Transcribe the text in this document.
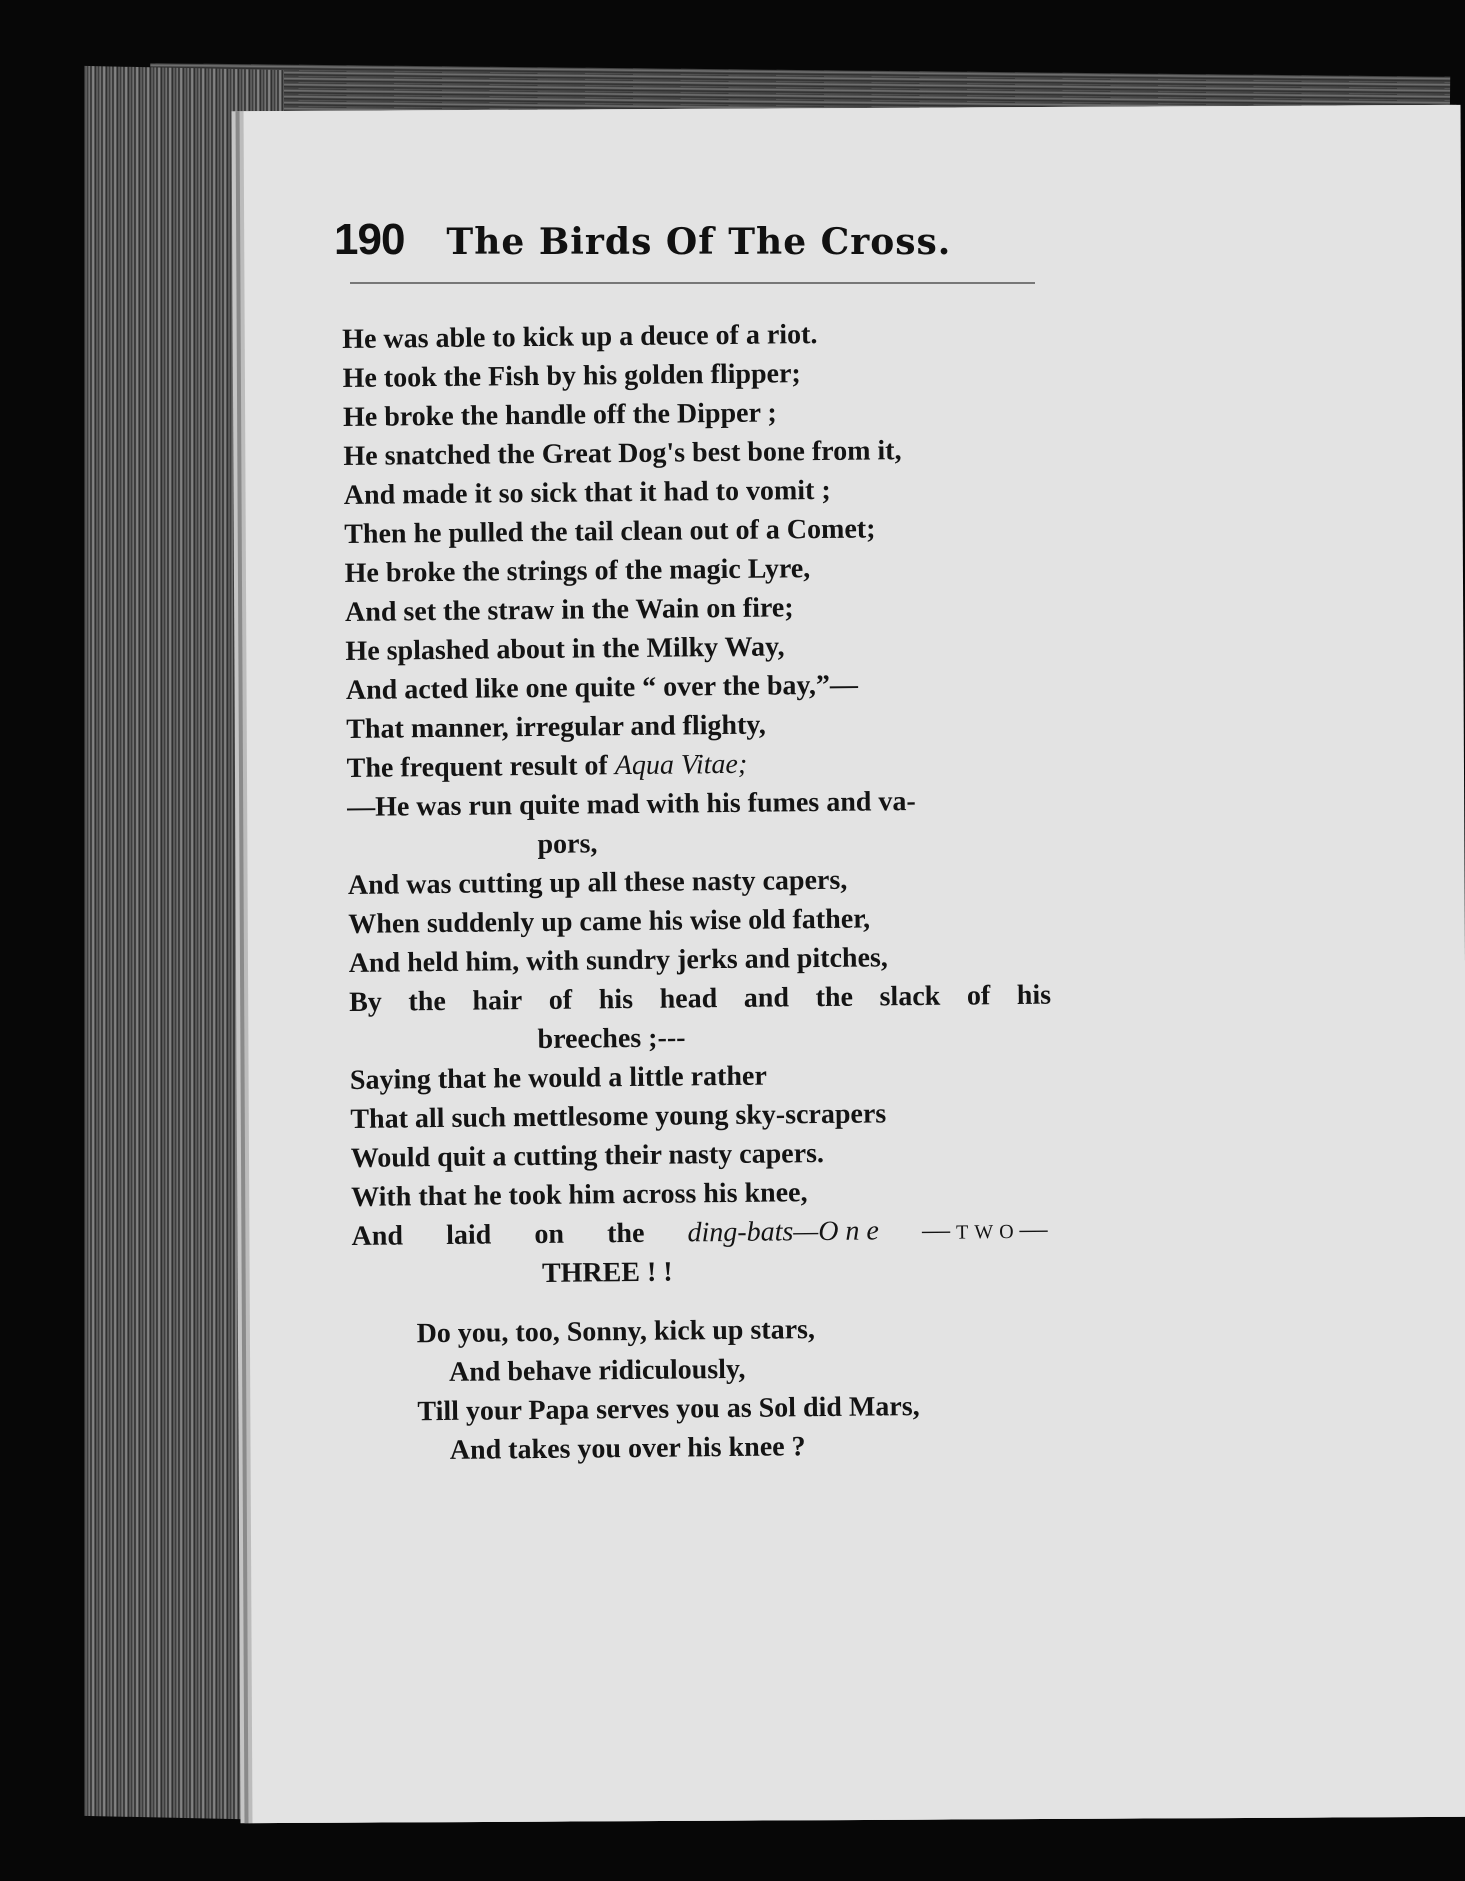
190 The Birds Of The Cross.
He was able to kick up a deuce of a riot.
He took the Fish by his golden flipper;
He broke the handle off the Dipper ;
He snatched the Great Dog's best bone from it,
And made it so sick that it had to vomit ;
Then he pulled the tail clean out of a Comet;
He broke the strings of the magic Lyre,
And set the straw in the Wain on fire;
He splashed about in the Milky Way,
And acted like one quite “ over the bay,”—
That manner, irregular and flighty,
The frequent result of Aqua Vitae;
—He was run quite mad with his fumes and va-
pors,
And was cutting up all these nasty capers,
When suddenly up came his wise old father,
And held him, with sundry jerks and pitches,
By the hair of his head and the slack of his
breeches ;---
Saying that he would a little rather
That all such mettlesome young sky-scrapers
Would quit a cutting their nasty capers.
With that he took him across his knee,
And laid on the ding-bats—O n e —two—
THREE ! !
Do you, too, Sonny, kick up stars,
And behave ridiculously,
Till your Papa serves you as Sol did Mars,
And takes you over his knee ?
